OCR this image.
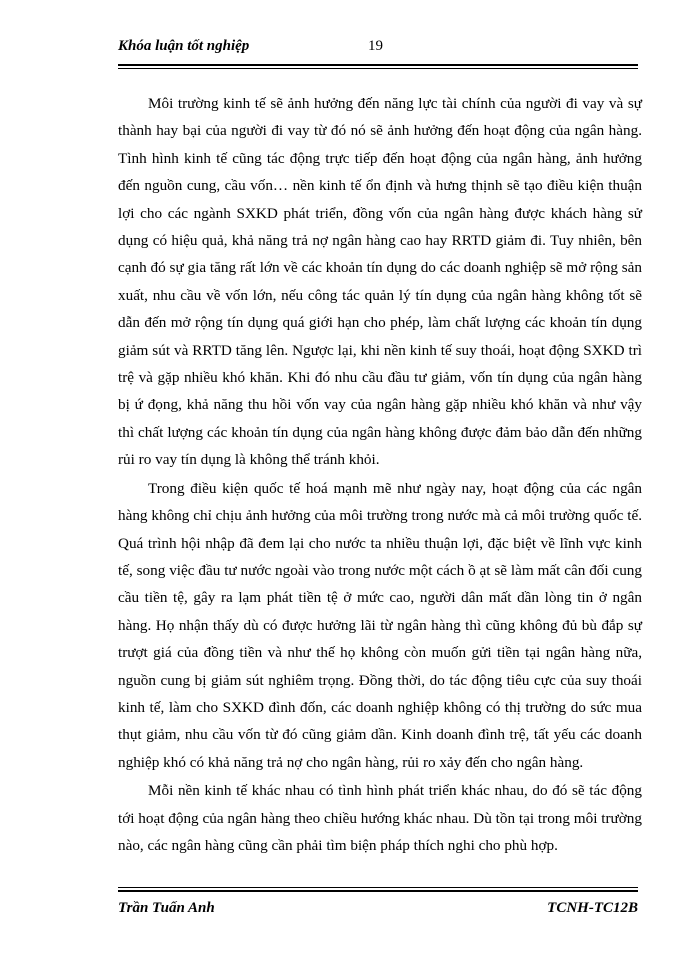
Khóa luận tốt nghiệp	19

Môi trường kinh tế sẽ ảnh hưởng đến năng lực tài chính của người đi vay và sự thành hay bại của người đi vay từ đó nó sẽ ảnh hưởng đến hoạt động của ngân hàng. Tình hình kinh tế cũng tác động trực tiếp đến hoạt động của ngân hàng, ảnh hưởng đến nguồn cung, cầu vốn… nền kinh tế ổn định và hưng thịnh sẽ tạo điều kiện thuận lợi cho các ngành SXKD phát triển, đồng vốn của ngân hàng được khách hàng sử dụng có hiệu quả, khả năng trả nợ ngân hàng cao hay RRTD giảm đi. Tuy nhiên, bên cạnh đó sự gia tăng rất lớn về các khoản tín dụng do các doanh nghiệp sẽ mở rộng sản xuất, nhu cầu về vốn lớn, nếu công tác quản lý tín dụng của ngân hàng không tốt sẽ dẫn đến mở rộng tín dụng quá giới hạn cho phép, làm chất lượng các khoản tín dụng giảm sút và RRTD tăng lên. Ngược lại, khi nền kinh tế suy thoái, hoạt động SXKD trì trệ và gặp nhiều khó khăn. Khi đó nhu cầu đầu tư giảm, vốn tín dụng của ngân hàng bị ứ đọng, khả năng thu hồi vốn vay của ngân hàng gặp nhiều khó khăn và như vậy thì chất lượng các khoản tín dụng của ngân hàng không được đảm bảo dẫn đến những rủi ro vay tín dụng là không thể tránh khỏi.

Trong điều kiện quốc tế hoá mạnh mẽ như ngày nay, hoạt động của các ngân hàng không chỉ chịu ảnh hưởng của môi trường trong nước mà cả môi trường quốc tế. Quá trình hội nhập đã đem lại cho nước ta nhiều thuận lợi, đặc biệt về lĩnh vực kinh tế, song việc đầu tư nước ngoài vào trong nước một cách ồ ạt sẽ làm mất cân đối cung cầu tiền tệ, gây ra lạm phát tiền tệ ở mức cao, người dân mất dần lòng tin ở ngân hàng. Họ nhận thấy dù có được hưởng lãi từ ngân hàng thì cũng không đủ bù đắp sự trượt giá của đồng tiền và như thế họ không còn muốn gửi tiền tại ngân hàng nữa, nguồn cung bị giảm sút nghiêm trọng. Đồng thời, do tác động tiêu cực của suy thoái kinh tế, làm cho SXKD đình đốn, các doanh nghiệp không có thị trường do sức mua thụt giảm, nhu cầu vốn từ đó cũng giảm dần. Kinh doanh đình trệ, tất yếu các doanh nghiệp khó có khả năng trả nợ cho ngân hàng, rủi ro xảy đến cho ngân hàng.

Mỗi nền kinh tế khác nhau có tình hình phát triển khác nhau, do đó sẽ tác động tới hoạt động của ngân hàng theo chiều hướng khác nhau. Dù tồn tại trong môi trường nào, các ngân hàng cũng cần phải tìm biện pháp thích nghi cho phù hợp.

Trần Tuấn Anh	TCNH-TC12B
